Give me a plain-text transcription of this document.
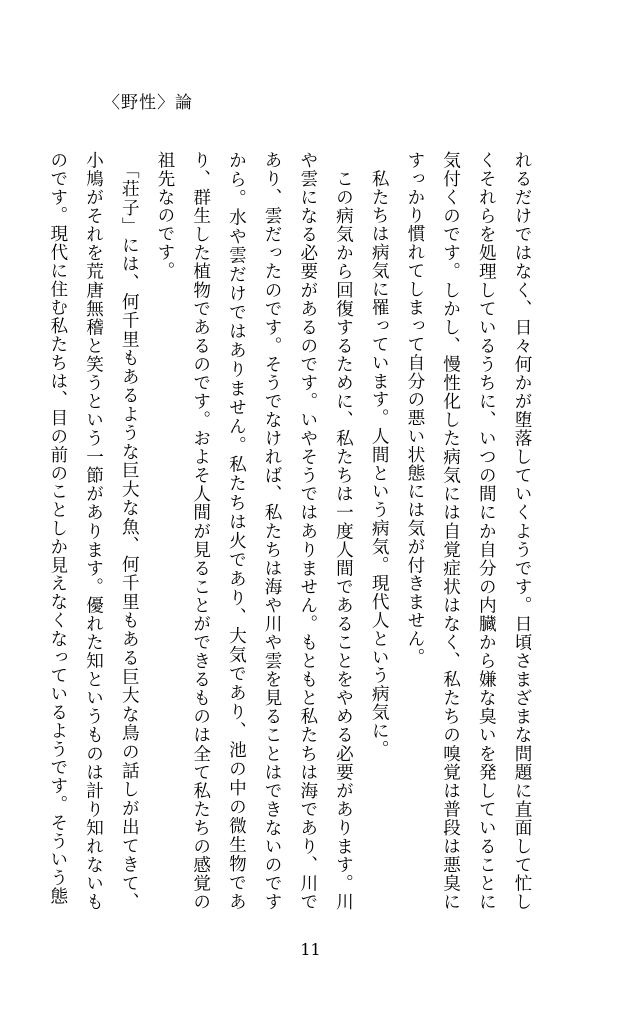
〈野性〉論

れるだけではなく、日々何かが堕落していくようです。日頃さまざまな問題に直面して忙しくそれらを処理しているうちに、いつの間にか自分の内臓から嫌な臭いを発していることに気付くのです。しかし、慢性化した病気には自覚症状はなく、私たちの嗅覚は普段は悪臭にすっかり慣れてしまって自分の悪い状態には気が付きません。

　私たちは病気に罹っています。人間という病気。現代人という病気に。

　この病気から回復するために、私たちは一度人間であることをやめる必要があります。川や雲になる必要があるのです。いやそうではありません。もともと私たちは海であり、川であり、雲だったのです。そうでなければ、私たちは海や川や雲を見ることはできないのですから。水や雲だけではありません。私たちは火であり、大気であり、池の中の微生物であり、群生した植物であるのです。およそ人間が見ることができるものは全て私たちの感覚の祖先なのです。

　「荘子」には、何千里もあるような巨大な魚、何千里もある巨大な鳥の話しが出てきて、小鳩がそれを荒唐無稽と笑うという一節があります。優れた知というものは計り知れないものです。現代に住む私たちは、目の前のことしか見えなくなっているようです。そういう態

11
